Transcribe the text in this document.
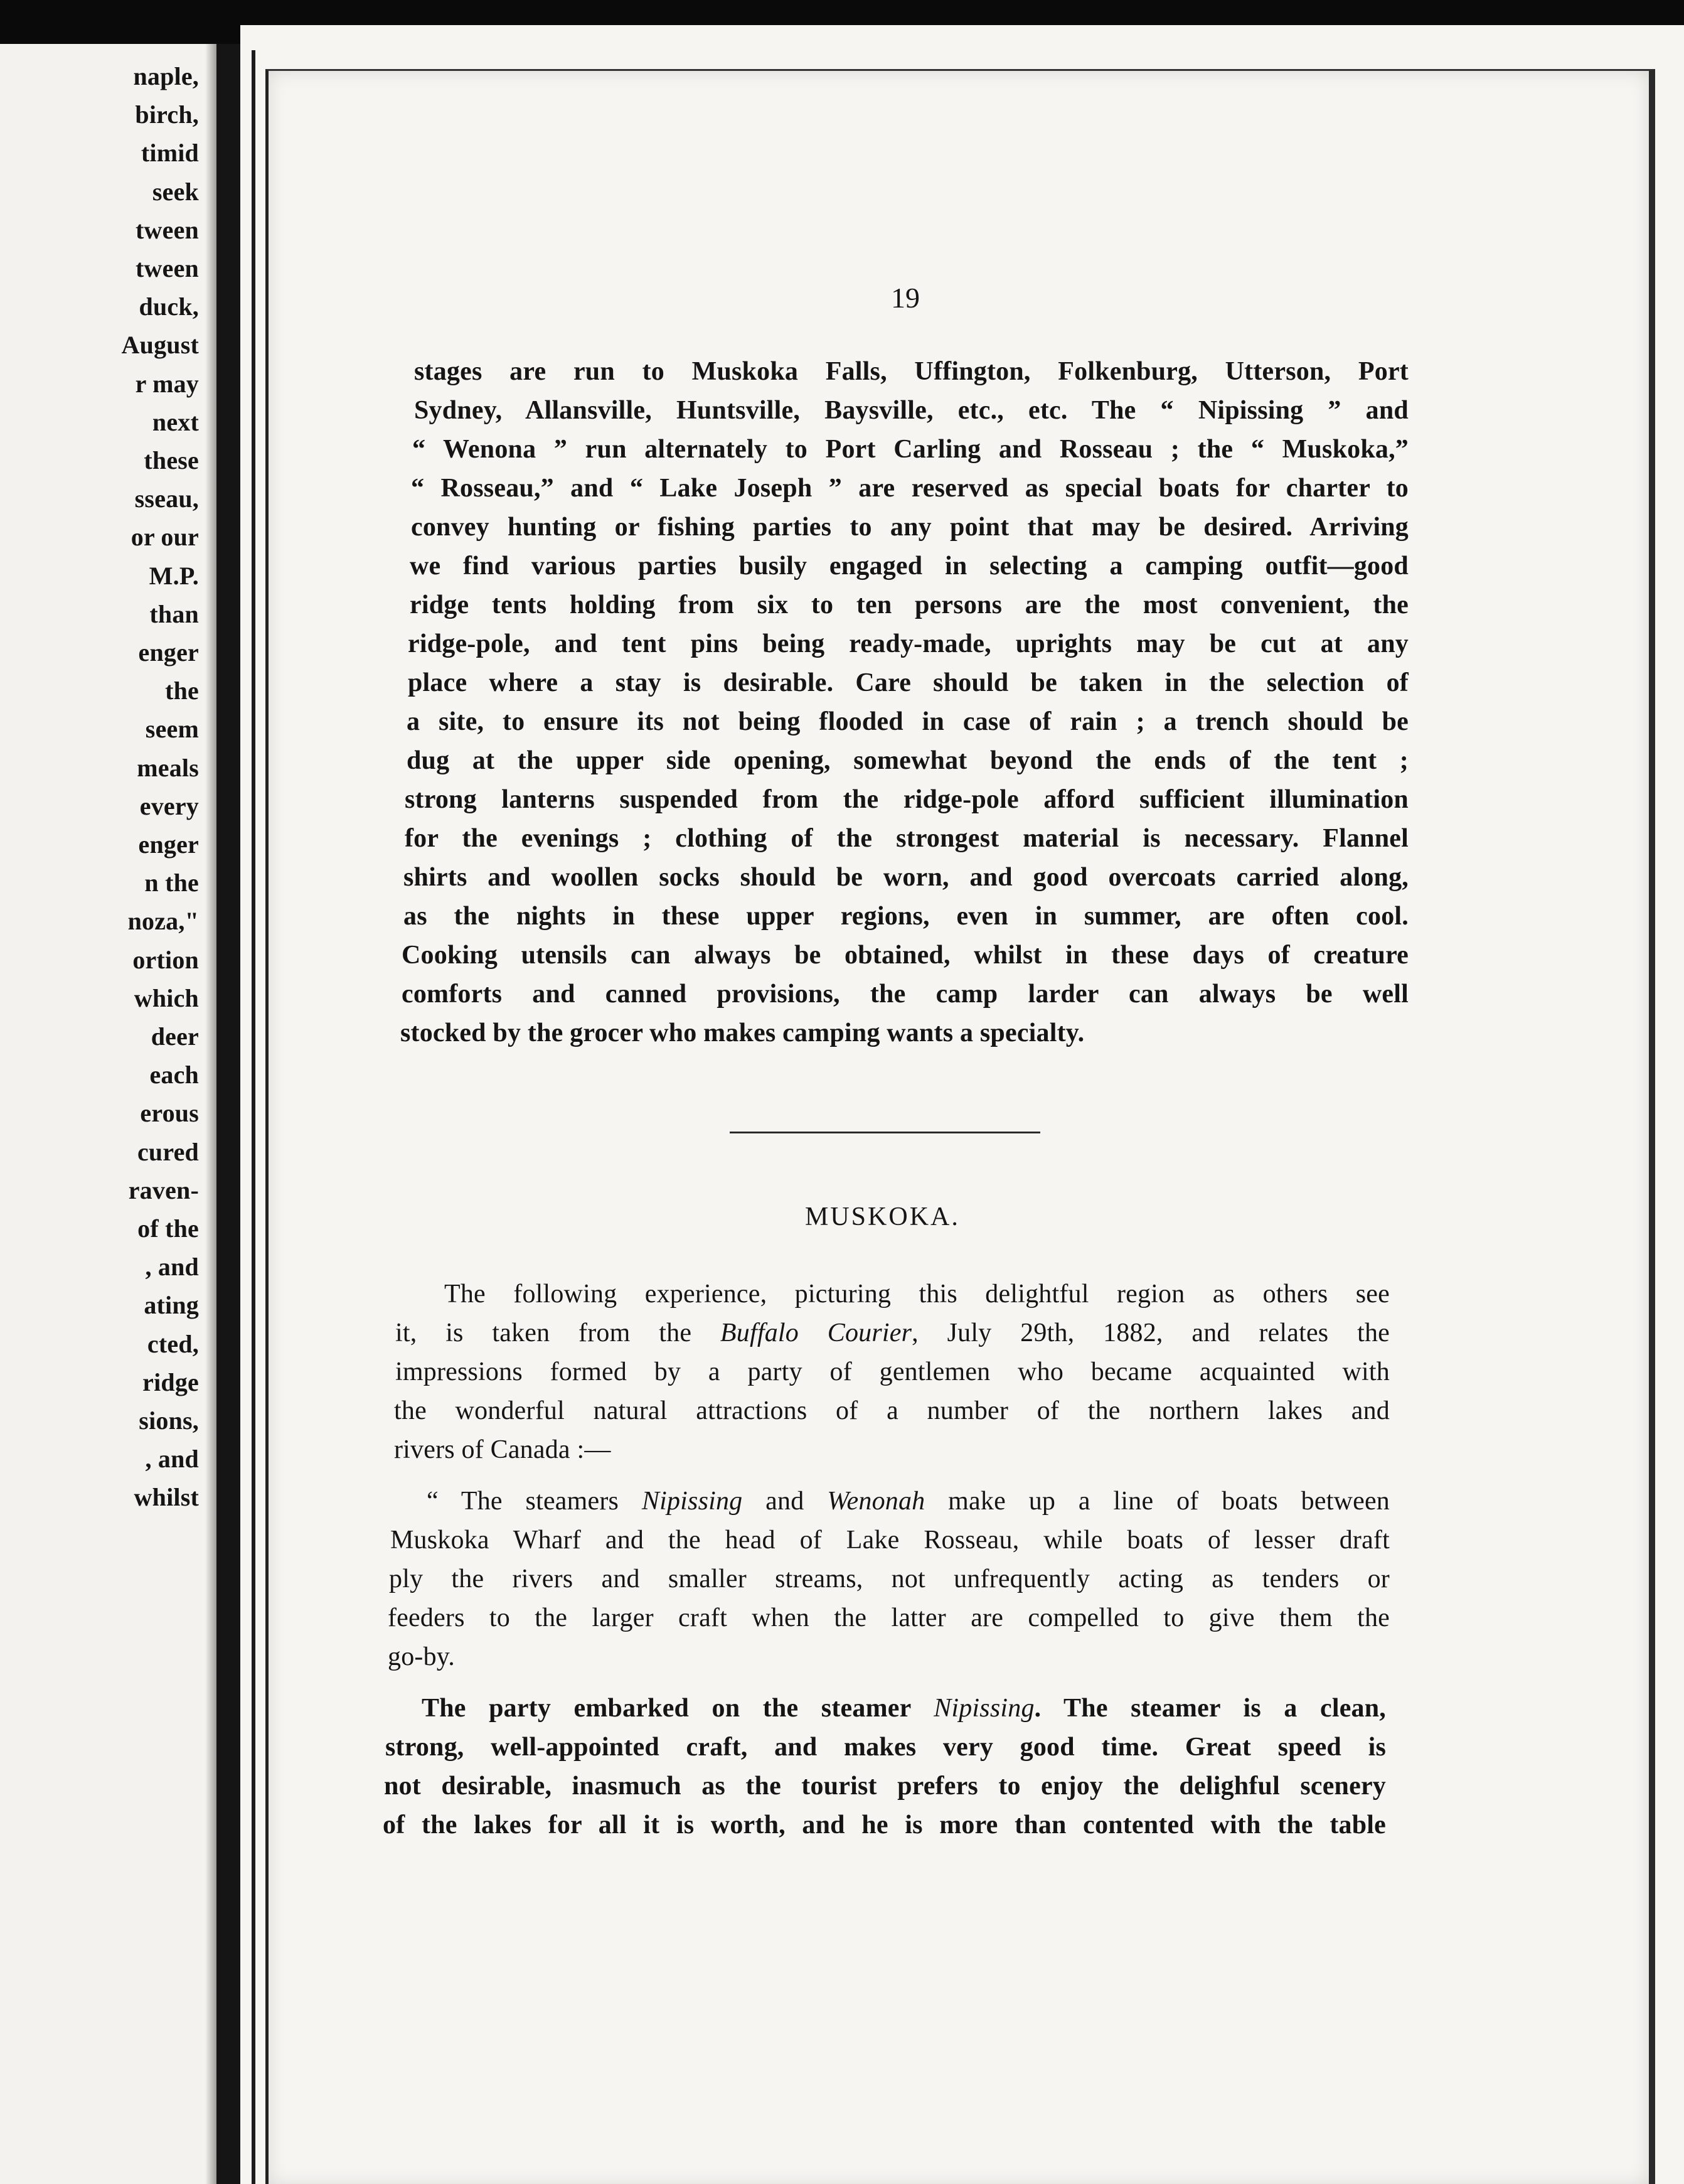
naple,
birch,
timid
seek
tween
tween
duck,
August
r may
next
these
sseau,
or our
M.P.
than
enger
the
seem
meals
every
enger
n the
noza,"
ortion
which
deer
each
erous
cured
raven-
of the
, and
ating
cted,
ridge
sions,
, and
whilst
19
stages are run to Muskoka Falls, Uffington, Folkenburg, Utterson, Port
Sydney, Allansville, Huntsville, Baysville, etc., etc. The “ Nipissing ” and
“ Wenona ” run alternately to Port Carling and Rosseau ; the “ Muskoka,”
“ Rosseau,” and “ Lake Joseph ” are reserved as special boats for charter to
convey hunting or fishing parties to any point that may be desired. Arriving
we find various parties busily engaged in selecting a camping outfit—good
ridge tents holding from six to ten persons are the most convenient, the
ridge-pole, and tent pins being ready-made, uprights may be cut at any
place where a stay is desirable. Care should be taken in the selection of
a site, to ensure its not being flooded in case of rain ; a trench should be
dug at the upper side opening, somewhat beyond the ends of the tent ;
strong lanterns suspended from the ridge-pole afford sufficient illumination
for the evenings ; clothing of the strongest material is necessary. Flannel
shirts and woollen socks should be worn, and good overcoats carried along,
as the nights in these upper regions, even in summer, are often cool.
Cooking utensils can always be obtained, whilst in these days of creature
comforts and canned provisions, the camp larder can always be well
stocked by the grocer who makes camping wants a specialty.
MUSKOKA.
The following experience, picturing this delightful region as others see
it, is taken from the Buffalo Courier, July 29th, 1882, and relates the
impressions formed by a party of gentlemen who became acquainted with
the wonderful natural attractions of a number of the northern lakes and
rivers of Canada :—
“ The steamers Nipissing and Wenonah make up a line of boats between
Muskoka Wharf and the head of Lake Rosseau, while boats of lesser draft
ply the rivers and smaller streams, not unfrequently acting as tenders or
feeders to the larger craft when the latter are compelled to give them the
go-by.
The party embarked on the steamer Nipissing. The steamer is a clean,
strong, well-appointed craft, and makes very good time. Great speed is
not desirable, inasmuch as the tourist prefers to enjoy the delighful scenery
of the lakes for all it is worth, and he is more than contented with the table
